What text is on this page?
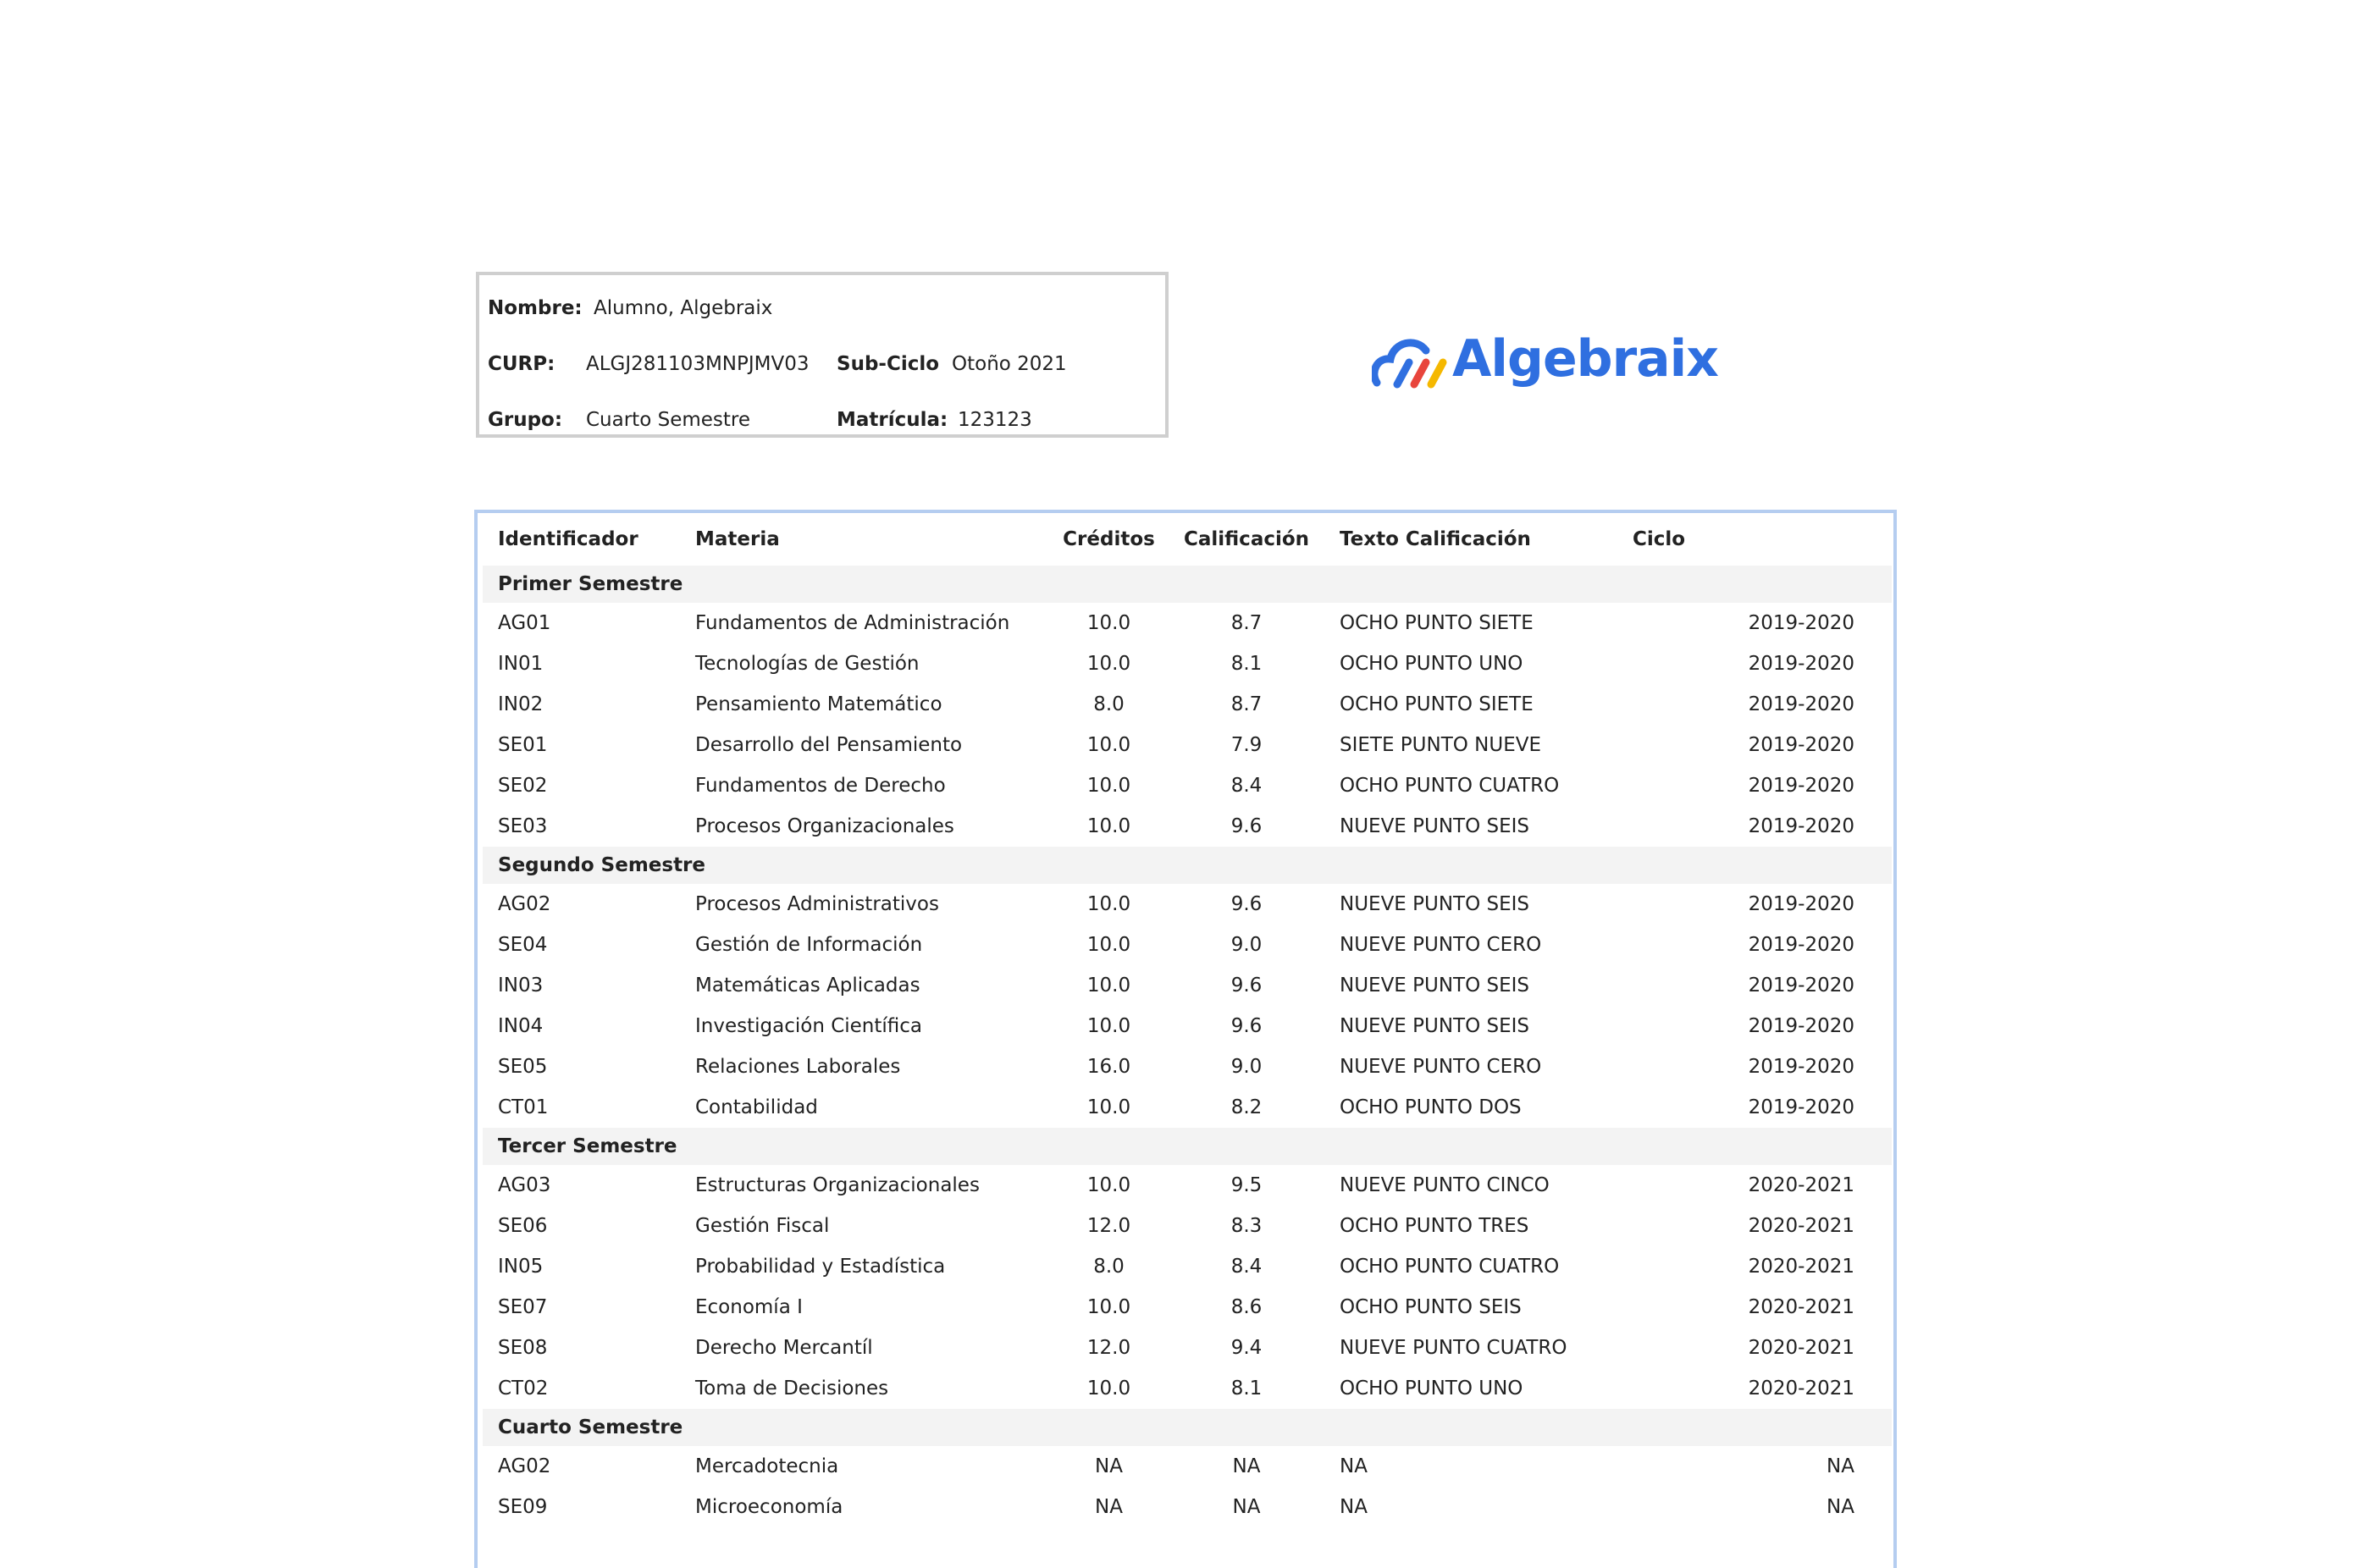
Nombre: Alumno, Algebraix
CURP: ALGJ281103MNPJMV03 Sub-Ciclo Otoño 2021
Grupo: Cuarto Semestre	Matrícula: 123123
Algebraix
Identificador	Materia	Créditos	Calificación	Texto Calificación	Ciclo
Primer Semestre					
AG01	Fundamentos de Administración	10.0	8.7	OCHO PUNTO SIETE	2019-2020
IN01	Tecnologías de Gestión	10.0	8.1	OCHO PUNTO UNO	2019-2020
IN02	Pensamiento Matemático	8.0	8.7	OCHO PUNTO SIETE	2019-2020
SE01	Desarrollo del Pensamiento	10.0	7.9	SIETE PUNTO NUEVE	2019-2020
SE02	Fundamentos de Derecho	10.0	8.4	OCHO PUNTO CUATRO	2019-2020
SE03	Procesos Organizacionales	10.0	9.6	NUEVE PUNTO SEIS	2019-2020
Segundo Semestre					
AG02	Procesos Administrativos	10.0	9.6	NUEVE PUNTO SEIS	2019-2020
SE04	Gestión de Información	10.0	9.0	NUEVE PUNTO CERO	2019-2020
IN03	Matemáticas Aplicadas	10.0	9.6	NUEVE PUNTO SEIS	2019-2020
IN04	Investigación Científica	10.0	9.6	NUEVE PUNTO SEIS	2019-2020
SE05	Relaciones Laborales	16.0	9.0	NUEVE PUNTO CERO	2019-2020
CT01	Contabilidad	10.0	8.2	OCHO PUNTO DOS	2019-2020
Tercer Semestre					
AG03	Estructuras Organizacionales	10.0	9.5	NUEVE PUNTO CINCO	2020-2021
SE06	Gestión Fiscal	12.0	8.3	OCHO PUNTO TRES	2020-2021
IN05	Probabilidad y Estadística	8.0	8.4	OCHO PUNTO CUATRO	2020-2021
SE07	Economía I	10.0	8.6	OCHO PUNTO SEIS	2020-2021
SE08	Derecho Mercantíl	12.0	9.4	NUEVE PUNTO CUATRO	2020-2021
CT02	Toma de Decisiones	10.0	8.1	OCHO PUNTO UNO	2020-2021
Cuarto Semestre					
AG02	Mercadotecnia	NA	NA	NA	NA
SE09	Microeconomía	NA	NA	NA	NA
